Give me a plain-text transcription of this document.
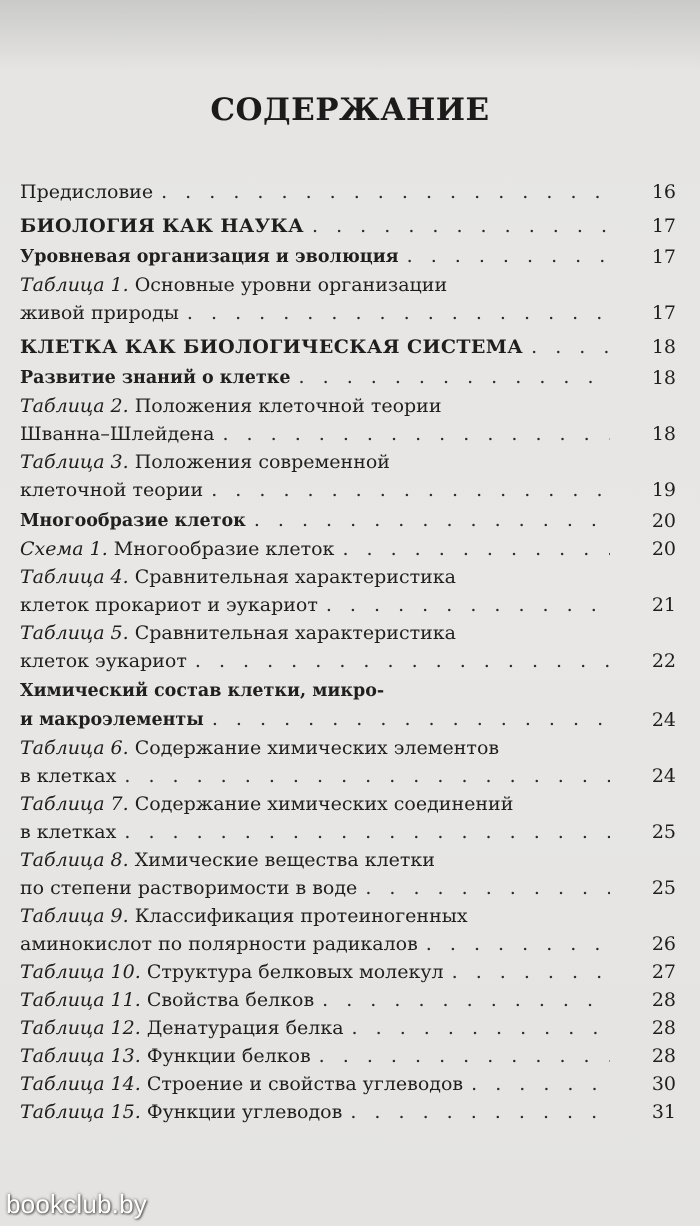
СОДЕРЖАНИЕ
Предисловие . . .	16
БИОЛОГИЯ КАК НАУКА . . .	17
Уровневая организация и эволюция . . .	17
Таблица 1. Основные уровни организации
живой природы . . .	17
КЛЕТКА КАК БИОЛОГИЧЕСКАЯ СИСТЕМА . . .	18
Развитие знаний о клетке . . .	18
Таблица 2. Положения клеточной теории
Шванна–Шлейдена . . .	18
Таблица 3. Положения современной
клеточной теории . . .	19
Многообразие клеток . . .	20
Схема 1. Многообразие клеток . . .	20
Таблица 4. Сравнительная характеристика
клеток прокариот и эукариот . . .	21
Таблица 5. Сравнительная характеристика
клеток эукариот . . .	22
Химический состав клетки, микро-
и макроэлементы . . .	24
Таблица 6. Содержание химических элементов
в клетках . . .	24
Таблица 7. Содержание химических соединений
в клетках . . .	25
Таблица 8. Химические вещества клетки
по степени растворимости в воде . . .	25
Таблица 9. Классификация протеиногенных
аминокислот по полярности радикалов . . .	26
Таблица 10. Структура белковых молекул . . .	27
Таблица 11. Свойства белков . . .	28
Таблица 12. Денатурация белка . . .	28
Таблица 13. Функции белков . . .	28
Таблица 14. Строение и свойства углеводов . . .	30
Таблица 15. Функции углеводов . . .	31
bookclub.by
